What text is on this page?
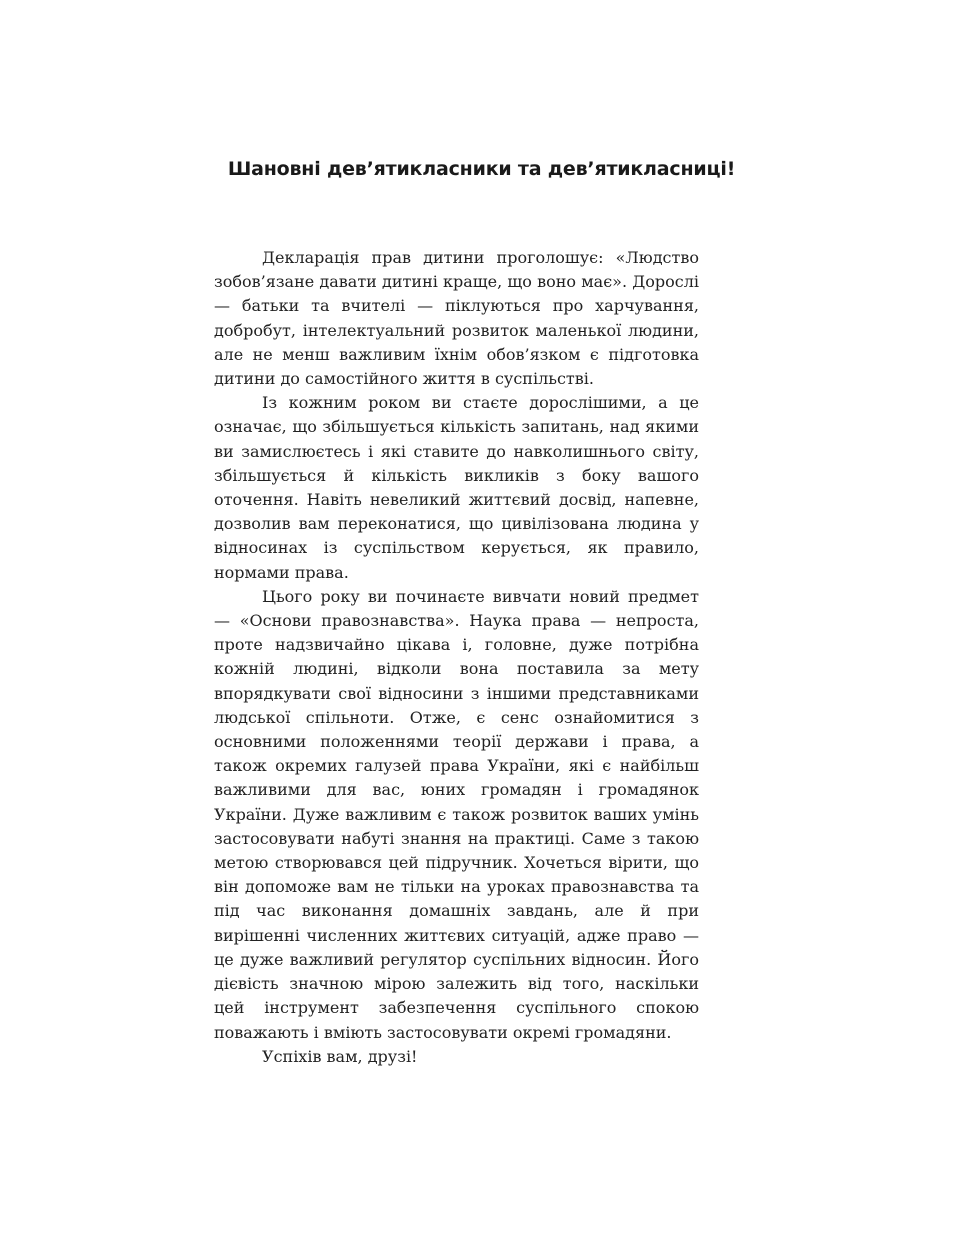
Шановні дев’ятикласники та дев’ятикласниці!

Декларація прав дитини проголошує: «Людство зобов’язане давати дитині краще, що воно має». Дорослі — батьки та вчителі — піклуються про харчування, добробут, інтелектуальний розвиток маленької людини, але не менш важливим їхнім обов’язком є підготовка дитини до самостійного життя в суспільстві.

Із кожним роком ви стаєте дорослішими, а це означає, що збільшується кількість запитань, над якими ви замислюєтесь і які ставите до навколишнього світу, збільшується й кількість викликів з боку вашого оточення. Навіть невеликий життєвий досвід, напевне, дозволив вам переконатися, що цивілізована людина у відносинах із суспільством керується, як правило, нормами права.

Цього року ви починаєте вивчати новий предмет — «Основи правознавства». Наука права — непроста, проте надзвичайно цікава і, головне, дуже потрібна кожній людині, відколи вона поставила за мету впорядкувати свої відносини з іншими представниками людської спільноти. Отже, є сенс ознайомитися з основними положеннями теорії держави і права, а також окремих галузей права України, які є найбільш важливими для вас, юних громадян і громадянок України. Дуже важливим є також розвиток ваших умінь застосовувати набуті знання на практиці. Саме з такою метою створювався цей підручник. Хочеться вірити, що він допоможе вам не тільки на уроках правознавства та під час виконання домашніх завдань, але й при вирішенні численних життєвих ситуацій, адже право — це дуже важливий регулятор суспільних відносин. Його дієвість значною мірою залежить від того, наскільки цей інструмент забезпечення суспільного спокою поважають і вміють застосовувати окремі громадяни.

Успіхів вам, друзі!
